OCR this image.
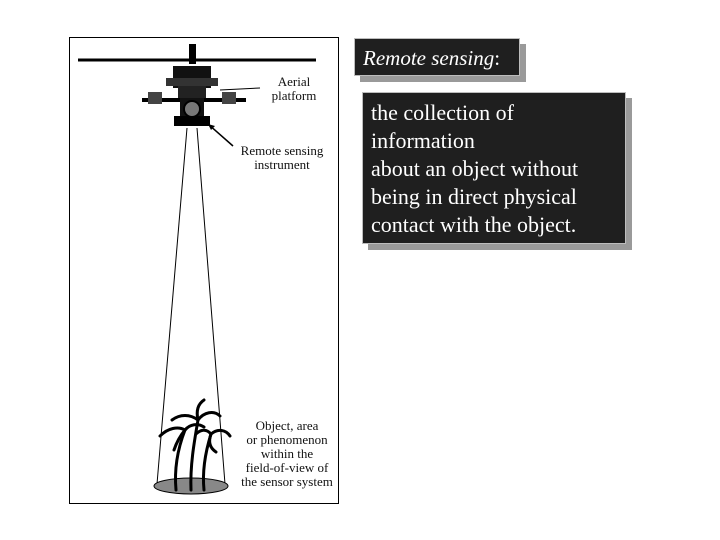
Aerial
platform
Remote sensing
instrument
Object, area
or phenomenon
within the
field-of-view of
the sensor system
Remote sensing:
the collection of
information
about an object without
being in direct physical
contact with the object.
